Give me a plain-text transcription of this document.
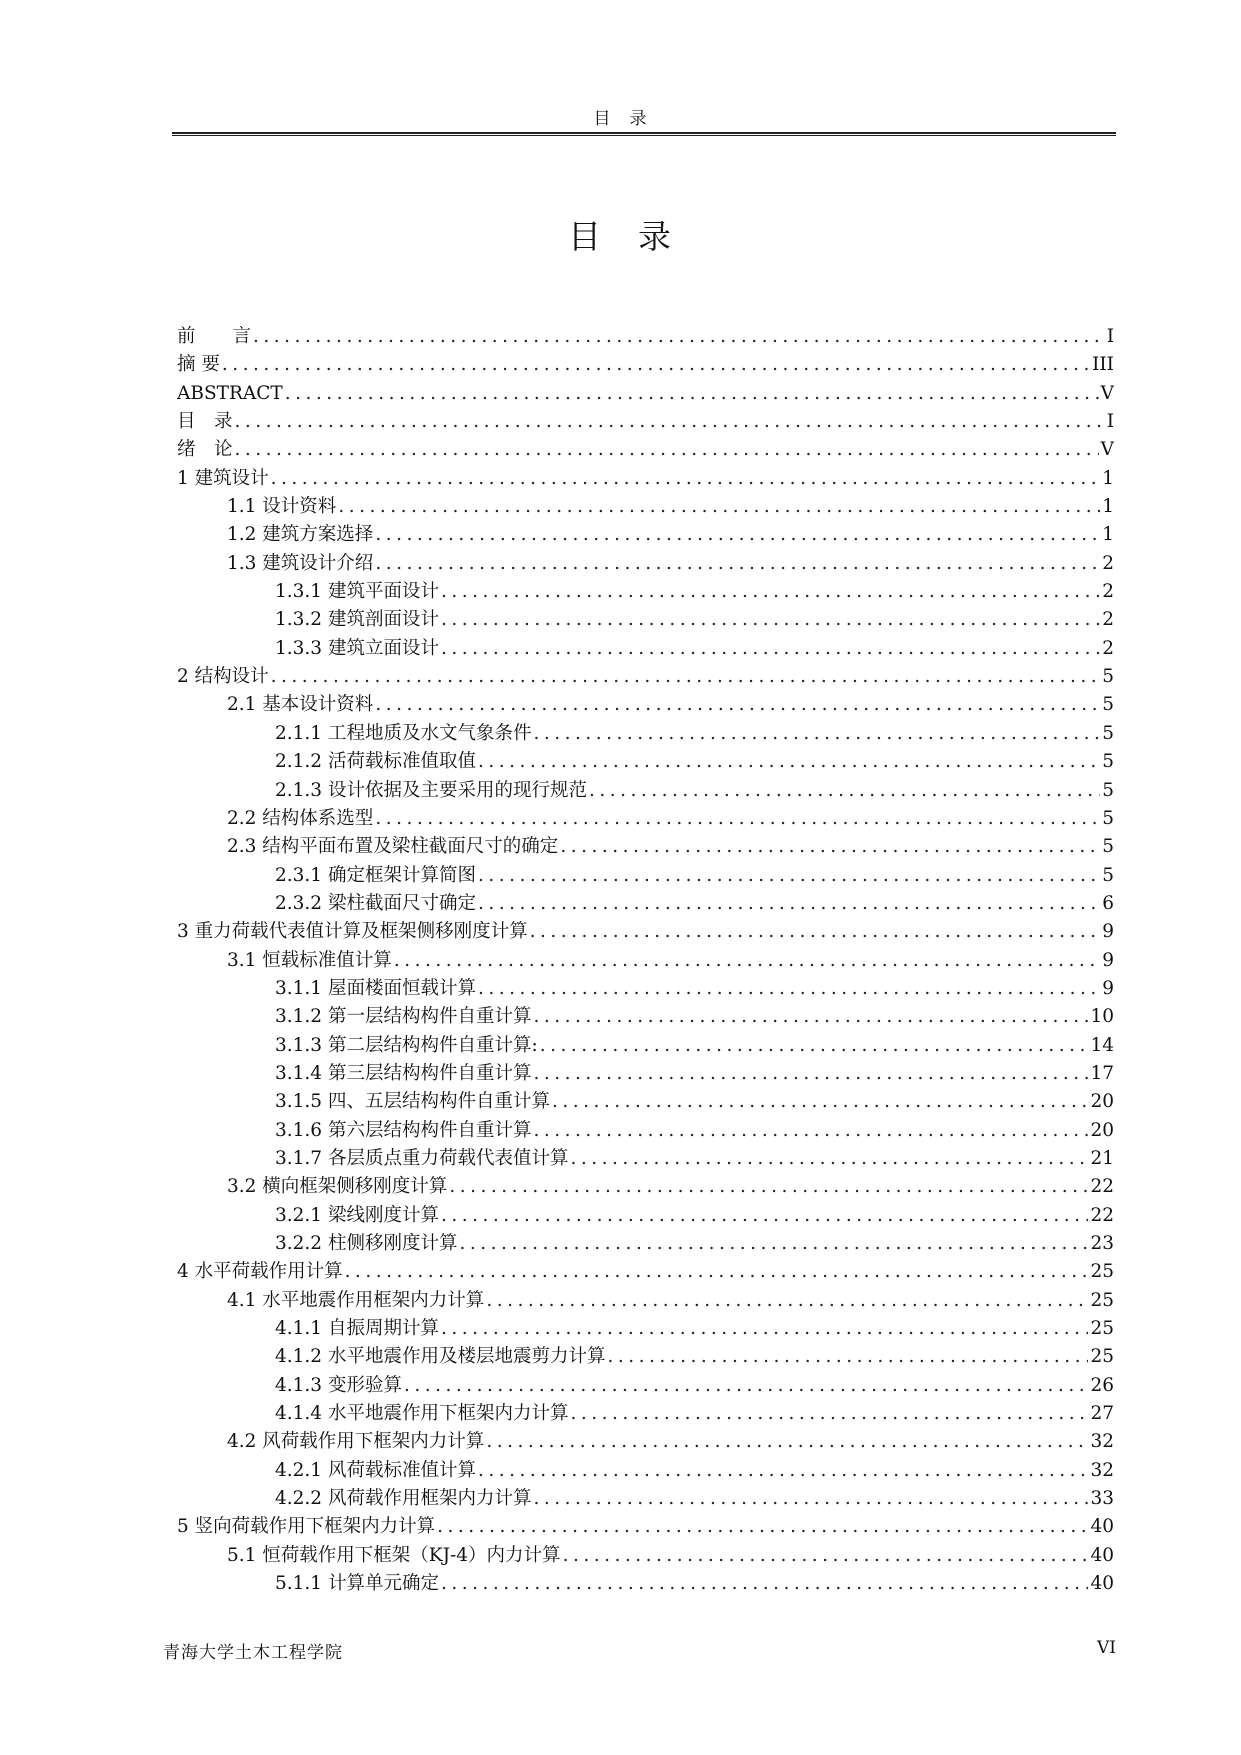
目　录
目　录
前　　言 .....	I
摘 要 .....	III
ABSTRACT .....	V
目　录 .....	I
绪　论 .....	V
1 建筑设计 .....	1
1.1 设计资料 .....	1
1.2 建筑方案选择 .....	1
1.3 建筑设计介绍 .....	2
1.3.1 建筑平面设计 .....	2
1.3.2 建筑剖面设计 .....	2
1.3.3 建筑立面设计 .....	2
2 结构设计 .....	5
2.1 基本设计资料 .....	5
2.1.1 工程地质及水文气象条件 .....	5
2.1.2 活荷载标准值取值 .....	5
2.1.3 设计依据及主要采用的现行规范 .....	5
2.2 结构体系选型 .....	5
2.3 结构平面布置及梁柱截面尺寸的确定 .....	5
2.3.1 确定框架计算简图 .....	5
2.3.2 梁柱截面尺寸确定 .....	6
3 重力荷载代表值计算及框架侧移刚度计算 .....	9
3.1 恒载标准值计算 .....	9
3.1.1 屋面楼面恒载计算 .....	9
3.1.2 第一层结构构件自重计算 .....	10
3.1.3 第二层结构构件自重计算: .....	14
3.1.4 第三层结构构件自重计算 .....	17
3.1.5 四、五层结构构件自重计算 .....	20
3.1.6 第六层结构构件自重计算 .....	20
3.1.7 各层质点重力荷载代表值计算 .....	21
3.2 横向框架侧移刚度计算 .....	22
3.2.1 梁线刚度计算 .....	22
3.2.2 柱侧移刚度计算 .....	23
4 水平荷载作用计算 .....	25
4.1 水平地震作用框架内力计算 .....	25
4.1.1 自振周期计算 .....	25
4.1.2 水平地震作用及楼层地震剪力计算 .....	25
4.1.3 变形验算 .....	26
4.1.4 水平地震作用下框架内力计算 .....	27
4.2 风荷载作用下框架内力计算 .....	32
4.2.1 风荷载标准值计算 .....	32
4.2.2 风荷载作用框架内力计算 .....	33
5 竖向荷载作用下框架内力计算 .....	40
5.1 恒荷载作用下框架（KJ-4）内力计算 .....	40
5.1.1 计算单元确定 .....	40
青海大学土木工程学院	VI
